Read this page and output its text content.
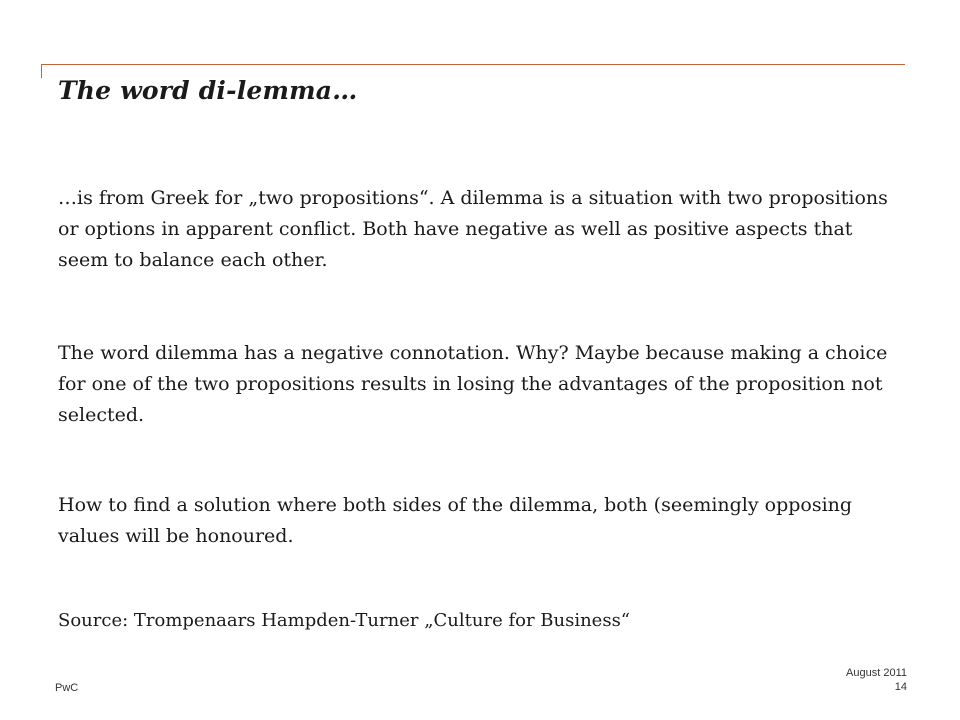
The word di-lemma…

…is from Greek for „two propositions“. A dilemma is a situation with two propositions or options in apparent conflict. Both have negative as well as positive aspects that seem to balance each other.

The word dilemma has a negative connotation. Why? Maybe because making a choice for one of the two propositions results in losing the advantages of the proposition not selected.

How to find a solution where both sides of the dilemma, both (seemingly opposing values will be honoured.

Source: Trompenaars Hampden-Turner „Culture for Business“

PwC
August 2011
14
